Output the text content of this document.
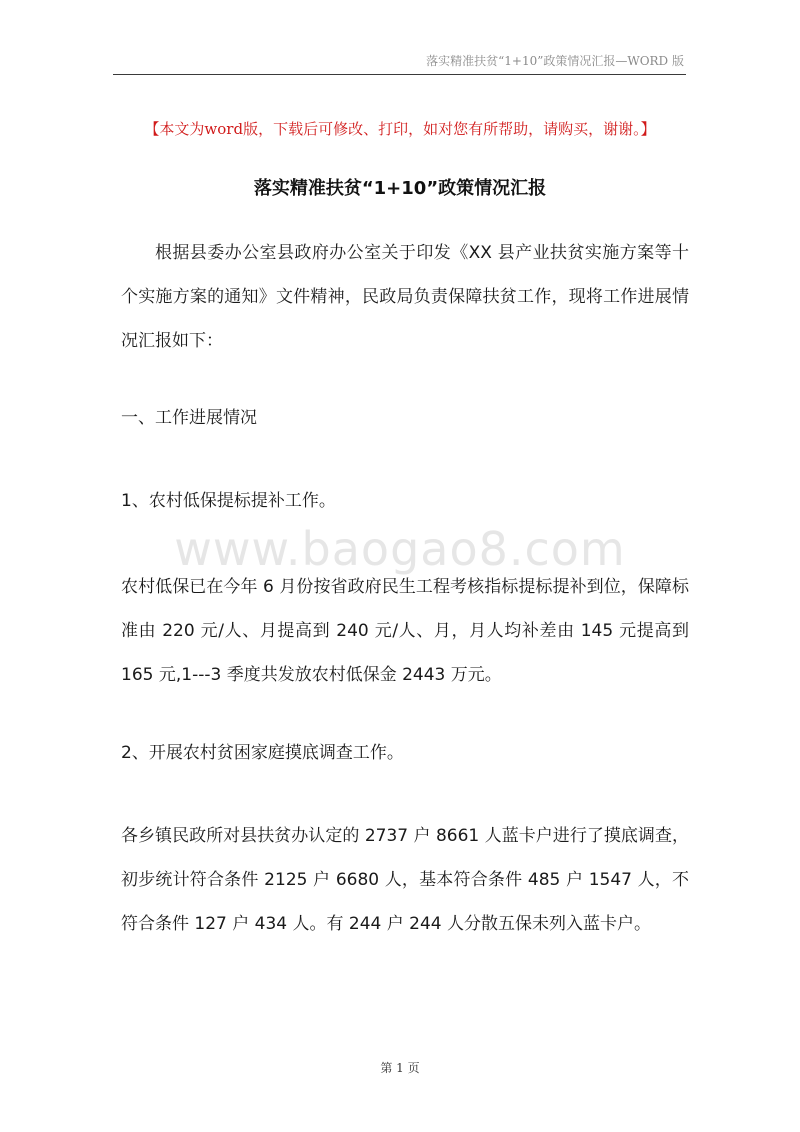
落实精准扶贫“1+10”政策情况汇报—WORD 版
【本文为word版，下载后可修改、打印，如对您有所帮助，请购买，谢谢。】
落实精准扶贫“1+10”政策情况汇报

根据县委办公室县政府办公室关于印发《XX 县产业扶贫实施方案等十个实施方案的通知》文件精神，民政局负责保障扶贫工作，现将工作进展情况汇报如下：

一、工作进展情况

1、农村低保提标提补工作。

www.baogao8.com

农村低保已在今年 6 月份按省政府民生工程考核指标提标提补到位，保障标准由 220 元/人、月提高到 240 元/人、月，月人均补差由 145 元提高到 165 元,1---3 季度共发放农村低保金 2443 万元。

2、开展农村贫困家庭摸底调查工作。

各乡镇民政所对县扶贫办认定的 2737 户 8661 人蓝卡户进行了摸底调查，初步统计符合条件 2125 户 6680 人，基本符合条件 485 户 1547 人，不符合条件 127 户 434 人。有 244 户 244 人分散五保未列入蓝卡户。

第 1 页
